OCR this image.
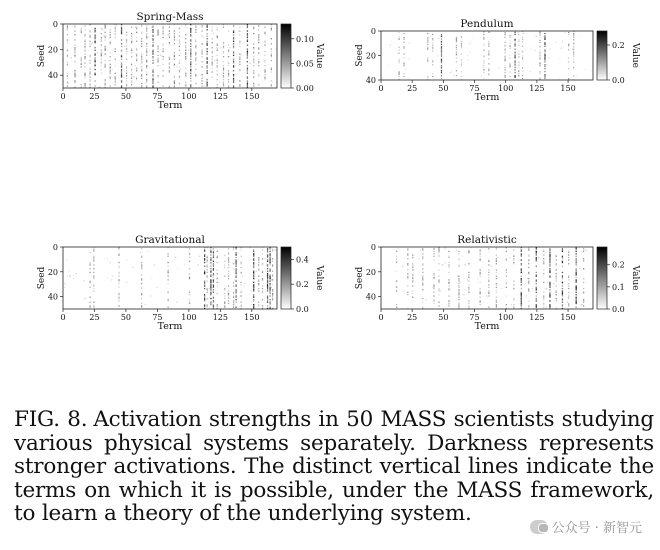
Spring-Mass
0	25	50	75 100 125 150
Term
0
20
40
Seed
0.10
0.05
0.00
Value
Pendulum
0	25	50	75 100 125 150
Term
0
20
40
Seed	0.2
0.0
Value
Gravitational
0	25	50	75 100 125 150
Term
0
20
40
Seed
0.4
0.2
0.0
Value
Relativistic
0	25	50	75 100 125 150
Term
0
20
40
Seed
0.2
0.1
0.0
Value
FIG. 8. Activation strengths in 50 MASS scientists studying various physical systems separately. Darkness represents stronger activations. The distinct vertical lines indicate the terms on which it is possible, under the MASS framework, to learn a theory of the underlying system.
公众号 · 新智元
